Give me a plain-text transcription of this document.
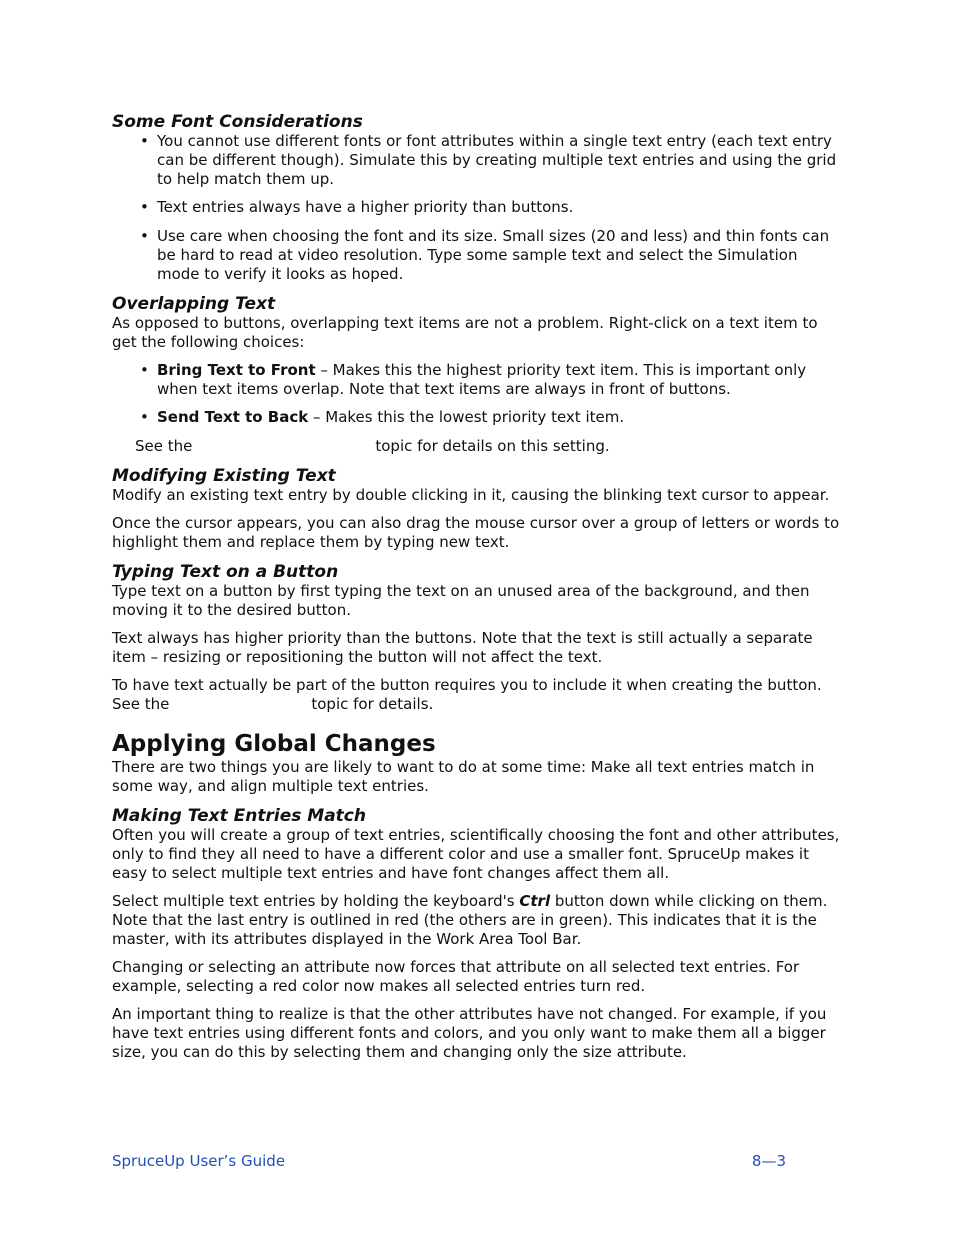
Some Font Considerations
• You cannot use different fonts or font attributes within a single text entry (each text entry can be different though). Simulate this by creating multiple text entries and using the grid to help match them up.
• Text entries always have a higher priority than buttons.
• Use care when choosing the font and its size. Small sizes (20 and less) and thin fonts can be hard to read at video resolution. Type some sample text and select the Simulation mode to verify it looks as hoped.
Overlapping Text

As opposed to buttons, overlapping text items are not a problem. Right-click on a text item to get the following choices:

• Bring Text to Front – Makes this the highest priority text item. This is important only when text items overlap. Note that text items are always in front of buttons.
• Send Text to Back – Makes this the lowest priority text item.

See the	topic for details on this setting.

Modifying Existing Text

Modify an existing text entry by double clicking in it, causing the blinking text cursor to appear.

Once the cursor appears, you can also drag the mouse cursor over a group of letters or words to highlight them and replace them by typing new text.

Typing Text on a Button

Type text on a button by first typing the text on an unused area of the background, and then moving it to the desired button.

Text always has higher priority than the buttons. Note that the text is still actually a separate item – resizing or repositioning the button will not affect the text.

To have text actually be part of the button requires you to include it when creating the button. See the	topic for details.

Applying Global Changes

There are two things you are likely to want to do at some time: Make all text entries match in some way, and align multiple text entries.

Making Text Entries Match

Often you will create a group of text entries, scientifically choosing the font and other attributes, only to find they all need to have a different color and use a smaller font. SpruceUp makes it easy to select multiple text entries and have font changes affect them all.

Select multiple text entries by holding the keyboard's Ctrl button down while clicking on them. Note that the last entry is outlined in red (the others are in green). This indicates that it is the master, with its attributes displayed in the Work Area Tool Bar.

Changing or selecting an attribute now forces that attribute on all selected text entries. For example, selecting a red color now makes all selected entries turn red.

An important thing to realize is that the other attributes have not changed. For example, if you have text entries using different fonts and colors, and you only want to make them all a bigger size, you can do this by selecting them and changing only the size attribute.

SpruceUp User’s Guide	8—3
